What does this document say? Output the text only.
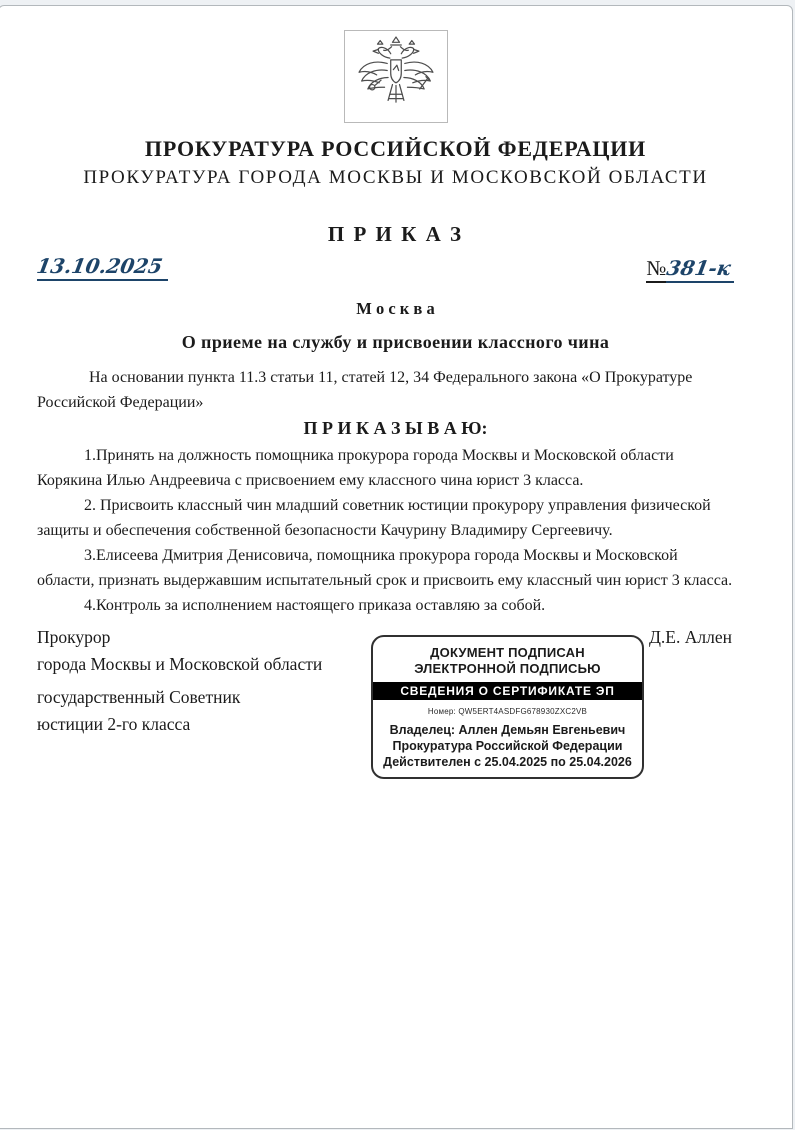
ПРОКУРАТУРА РОССИЙСКОЙ ФЕДЕРАЦИИ
ПРОКУРАТУРА ГОРОДА МОСКВЫ И МОСКОВСКОЙ ОБЛАСТИ
П Р И К А З
13.10.2025	№381-к
М о с к в а
О приеме на службу и присвоении классного чина

На основании пункта 11.3 статьи 11, статей 12, 34 Федерального закона «О Прокуратуре Российской Федерации»

П Р И К А З Ы В А Ю:

1.Принять на должность помощника прокурора города Москвы и Московской области Корякина Илью Андреевича с присвоением ему классного чина юрист 3 класса.

2. Присвоить классный чин младший советник юстиции прокурору управления физической защиты и обеспечения собственной безопасности Качурину Владимиру Сергеевичу.

3.Елисеева Дмитрия Денисовича, помощника прокурора города Москвы и Московской области, признать выдержавшим испытательный срок и присвоить ему классный чин юрист 3 класса.

4.Контроль за исполнением настоящего приказа оставляю за собой.

Прокурор
города Москвы и Московской области
государственный Советник
юстиции 2-го класса
ДОКУМЕНТ ПОДПИСАН
ЭЛЕКТРОННОЙ ПОДПИСЬЮ
СВЕДЕНИЯ О СЕРТИФИКАТЕ ЭП
Номер: QW5ERT4ASDFG678930ZXC2VB
Владелец: Аллен Демьян Евгеньевич
Прокуратура Российской Федерации
Действителен с 25.04.2025 по 25.04.2026
Д.Е. Аллен
